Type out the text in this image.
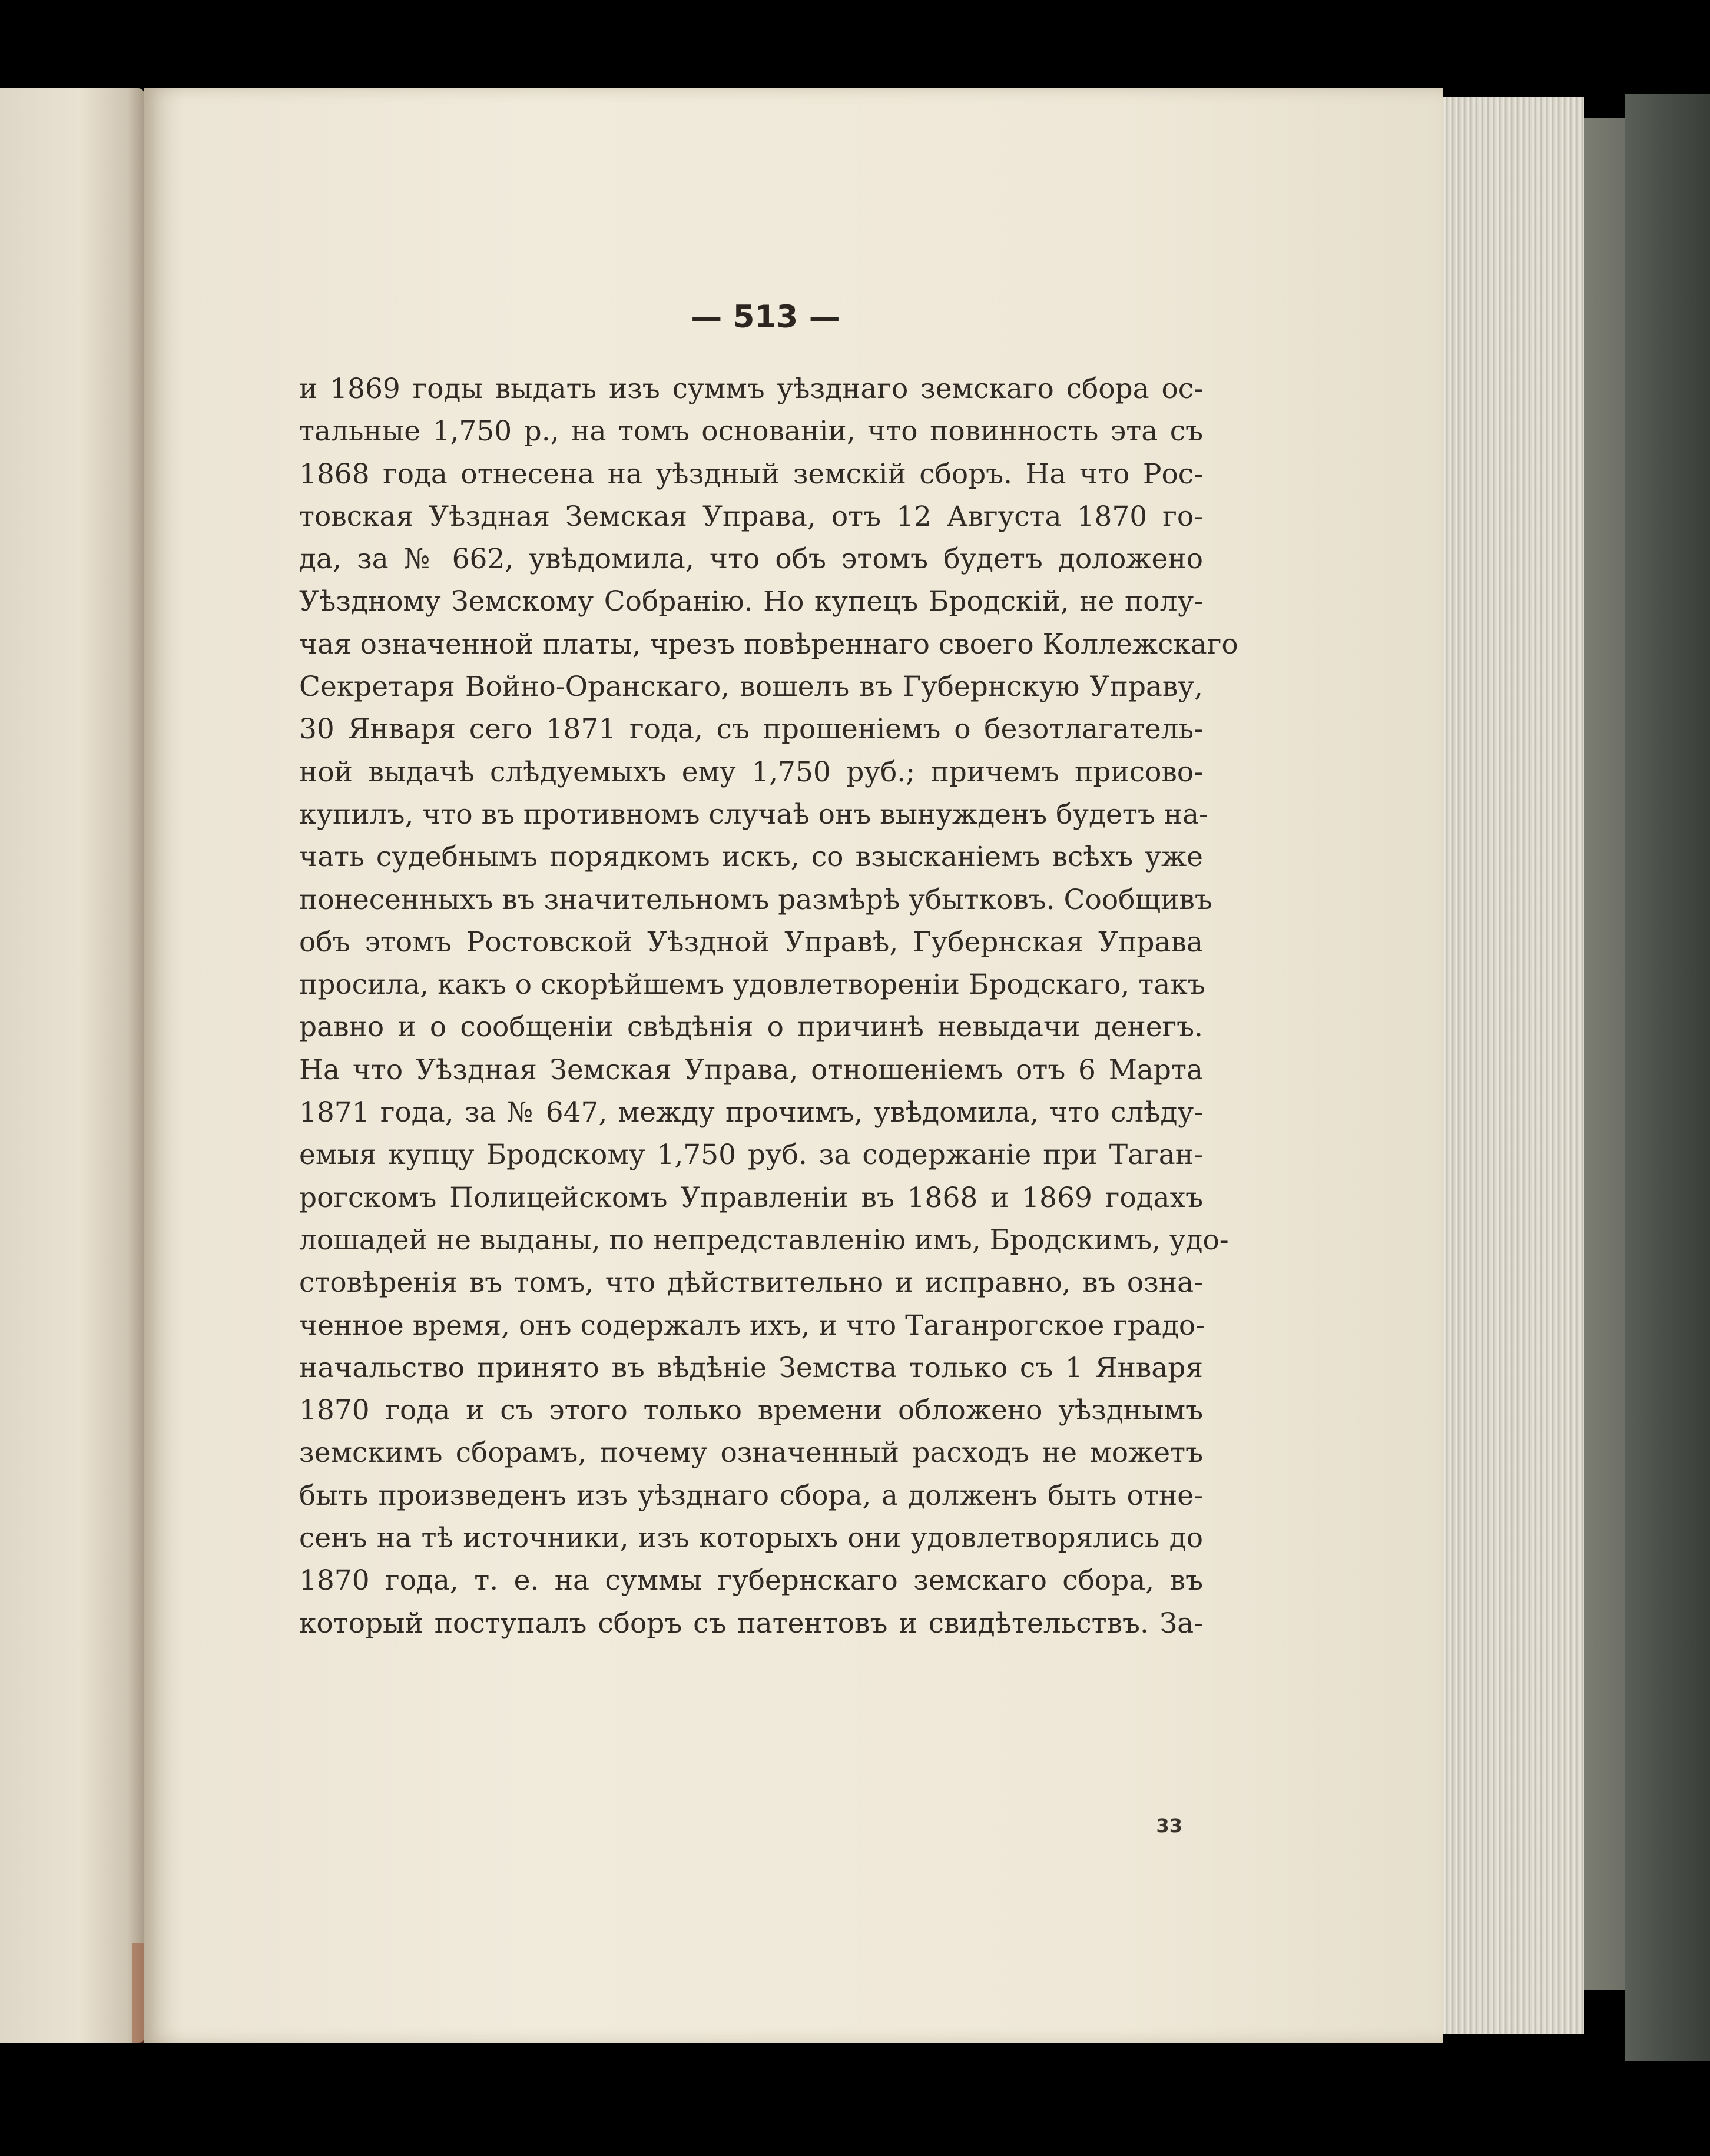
— 513 —
и 1869 годы выдать изъ суммъ уѣзднаго земскаго сбора ос-
тальные 1,750 р., на томъ основаніи, что повинность эта съ
1868 года отнесена на уѣздный земскій сборъ. На что Рос-
товская Уѣздная Земская Управа, отъ 12 Августа 1870 го-
да, за № 662, увѣдомила, что объ этомъ будетъ доложено
Уѣздному Земскому Собранію. Но купецъ Бродскій, не полу-
чая означенной платы, чрезъ повѣреннаго своего Коллежскаго
Секретаря Войно-Оранскаго, вошелъ въ Губернскую Управу,
30 Января сего 1871 года, съ прошеніемъ о безотлагатель-
ной выдачѣ слѣдуемыхъ ему 1,750 руб.; причемъ присово-
купилъ, что въ противномъ случаѣ онъ вынужденъ будетъ на-
чать судебнымъ порядкомъ искъ, со взысканіемъ всѣхъ уже
понесенныхъ въ значительномъ размѣрѣ убытковъ. Сообщивъ
объ этомъ Ростовской Уѣздной Управѣ, Губернская Управа
просила, какъ о скорѣйшемъ удовлетвореніи Бродскаго, такъ
равно и о сообщеніи свѣдѣнія о причинѣ невыдачи денегъ.
На что Уѣздная Земская Управа, отношеніемъ отъ 6 Марта
1871 года, за № 647, между прочимъ, увѣдомила, что слѣду-
емыя купцу Бродскому 1,750 руб. за содержаніе при Таган-
рогскомъ Полицейскомъ Управленіи въ 1868 и 1869 годахъ
лошадей не выданы, по непредставленію имъ, Бродскимъ, удо-
стовѣренія въ томъ, что дѣйствительно и исправно, въ озна-
ченное время, онъ содержалъ ихъ, и что Таганрогское градо-
начальство принято въ вѣдѣніе Земства только съ 1 Января
1870 года и съ этого только времени обложено уѣзднымъ
земскимъ сборамъ, почему означенный расходъ не можетъ
быть произведенъ изъ уѣзднаго сбора, а долженъ быть отне-
сенъ на тѣ источники, изъ которыхъ они удовлетворялись до
1870 года, т. е. на суммы губернскаго земскаго сбора, въ
который поступалъ сборъ съ патентовъ и свидѣтельствъ. За-
33
